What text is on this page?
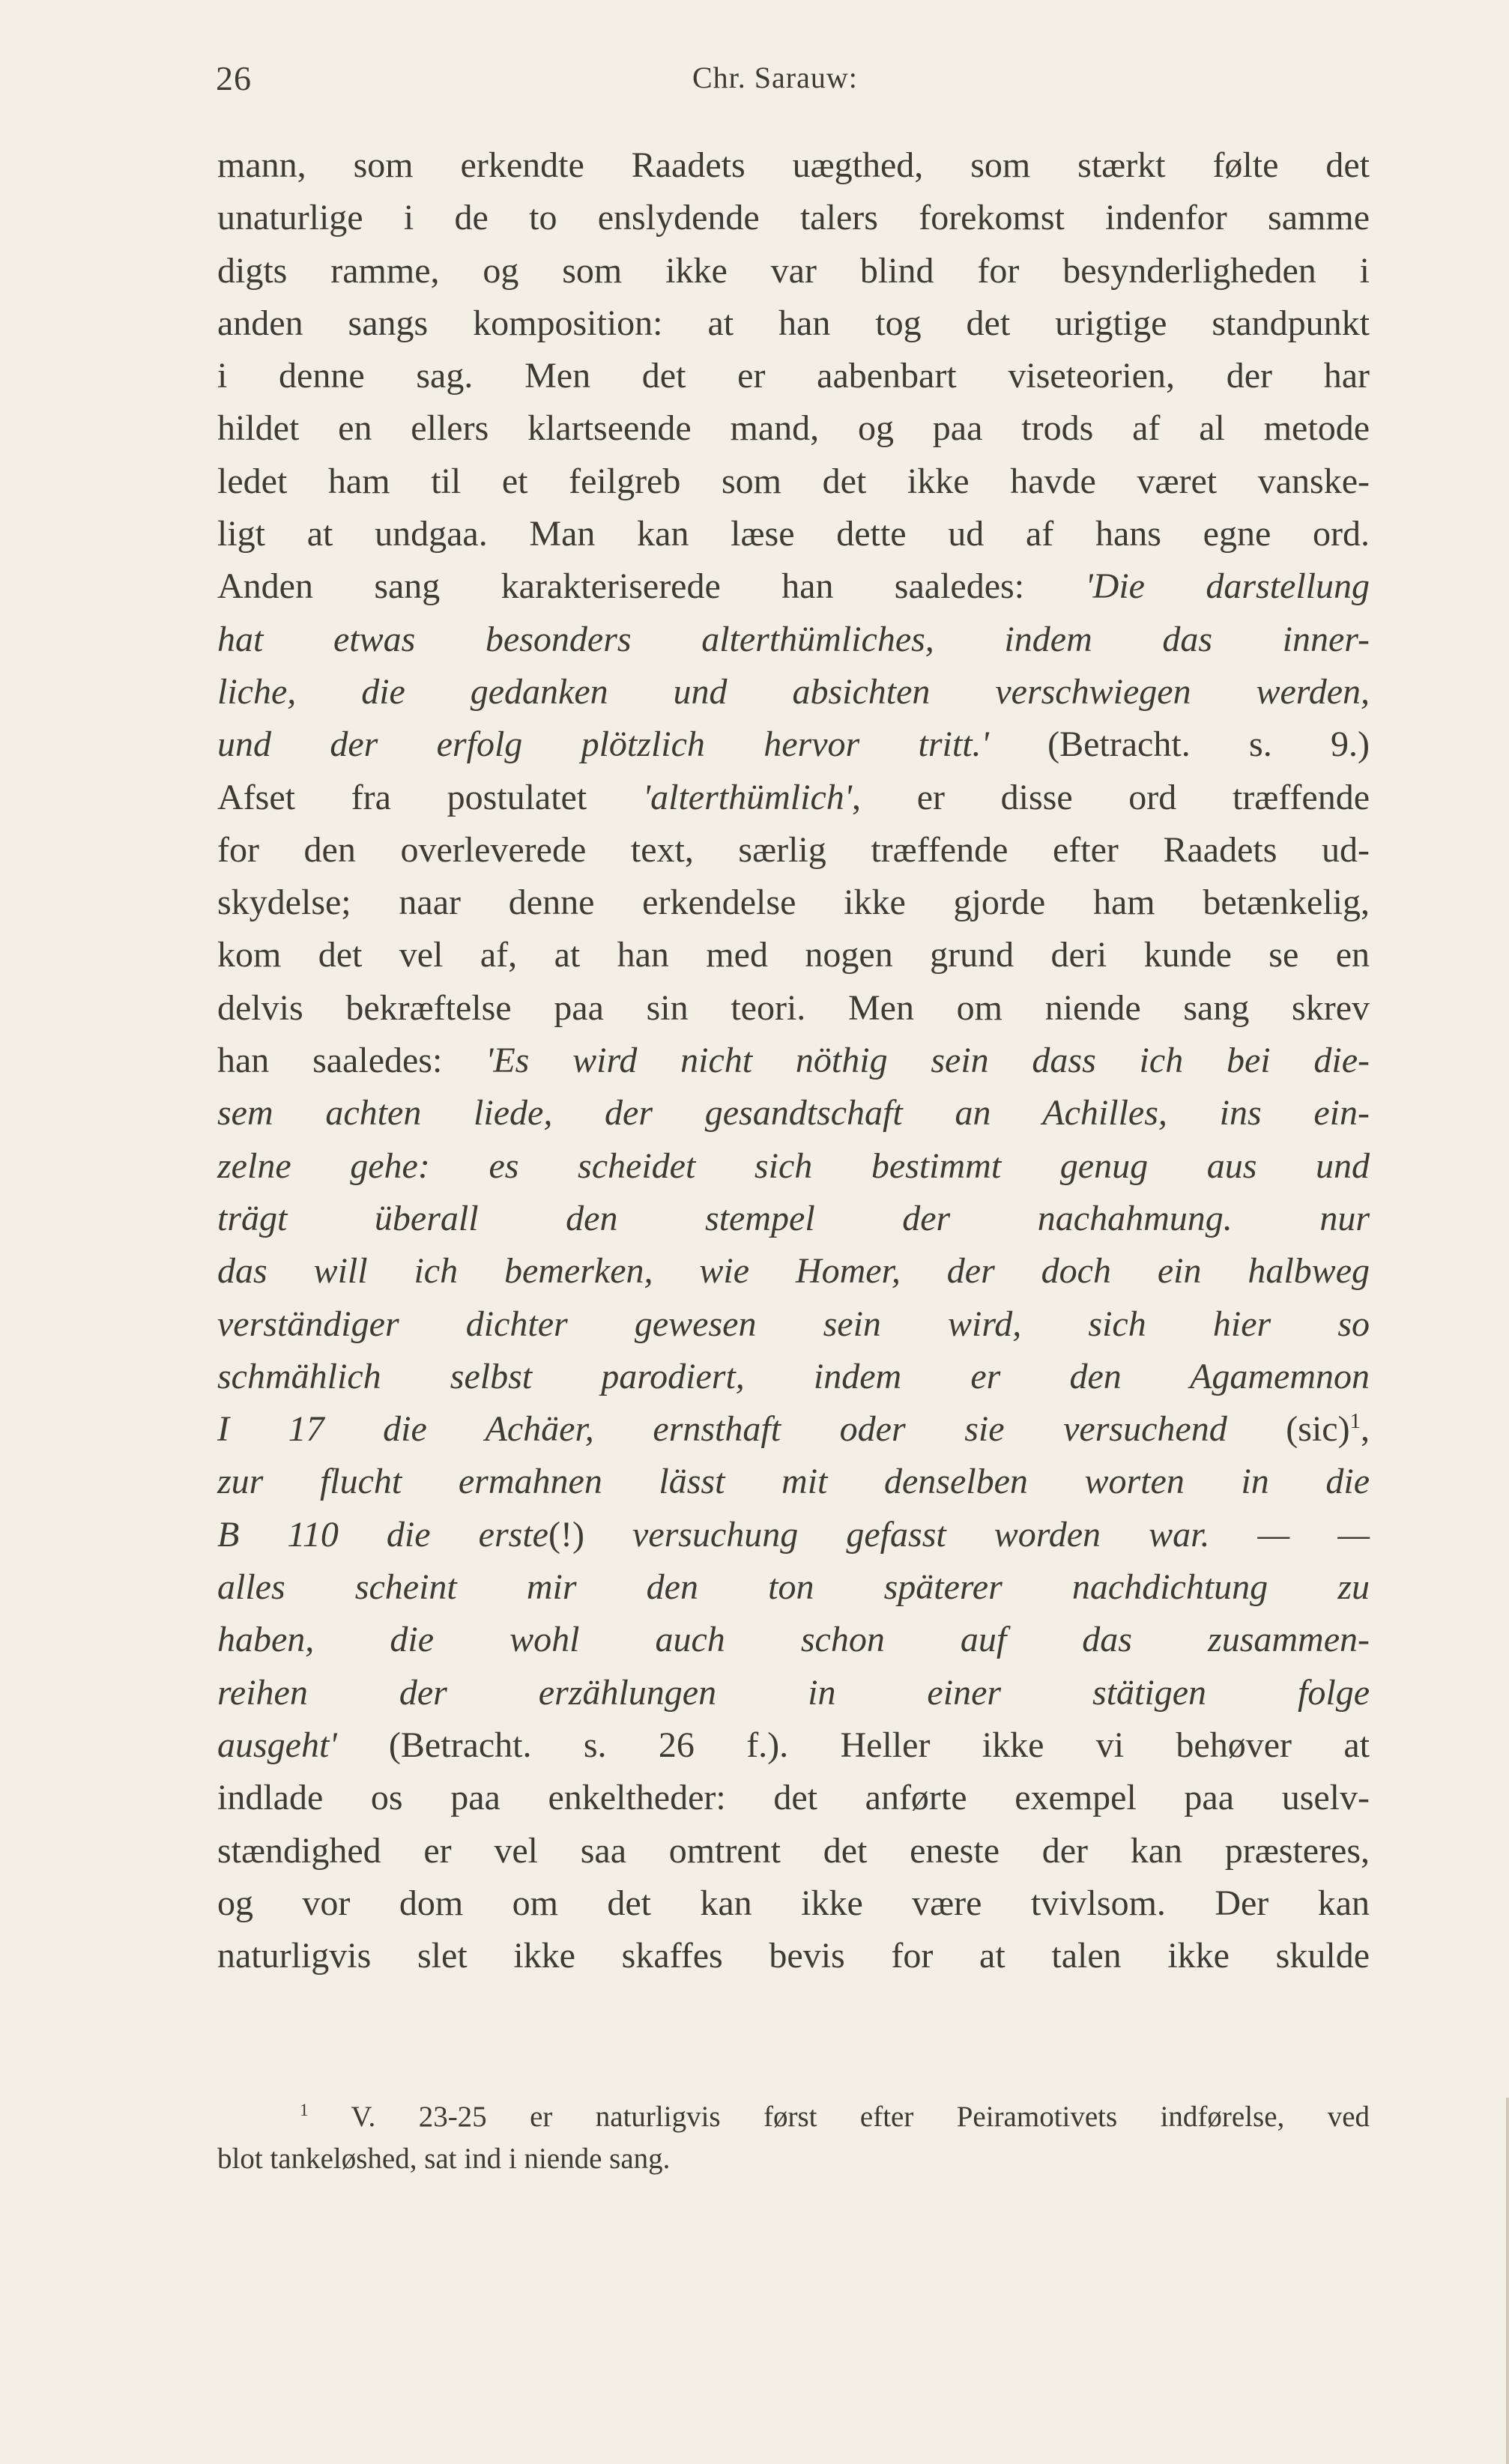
26	Chr. Sarauw:
mann, som erkendte Raadets uægthed, som stærkt følte det
unaturlige i de to enslydende talers forekomst indenfor samme
digts ramme, og som ikke var blind for besynderligheden i
anden sangs komposition: at han tog det urigtige standpunkt
i denne sag. Men det er aabenbart viseteorien, der har
hildet en ellers klartseende mand, og paa trods af al metode
ledet ham til et feilgreb som det ikke havde været vanske-
ligt at undgaa. Man kan læse dette ud af hans egne ord.
Anden sang karakteriserede han saaledes: 'Die darstellung
hat etwas besonders alterthümliches, indem das inner-
liche, die gedanken und absichten verschwiegen werden,
und der erfolg plötzlich hervor tritt.' (Betracht. s. 9.)
Afset fra postulatet 'alterthümlich', er disse ord træffende
for den overleverede text, særlig træffende efter Raadets ud-
skydelse; naar denne erkendelse ikke gjorde ham betænkelig,
kom det vel af, at han med nogen grund deri kunde se en
delvis bekræftelse paa sin teori. Men om niende sang skrev
han saaledes: 'Es wird nicht nöthig sein dass ich bei die-
sem achten liede, der gesandtschaft an Achilles, ins ein-
zelne gehe: es scheidet sich bestimmt genug aus und
trägt überall den stempel der nachahmung. nur
das will ich bemerken, wie Homer, der doch ein halbweg
verständiger dichter gewesen sein wird, sich hier so
schmählich selbst parodiert, indem er den Agamemnon
I 17 die Achäer, ernsthaft oder sie versuchend (sic)$^1$,
zur flucht ermahnen lässt mit denselben worten in die
B 110 die erste(!) versuchung gefasst worden war. — —
alles scheint mir den ton späterer nachdichtung zu
haben, die wohl auch schon auf das zusammen-
reihen der erzählungen in einer stätigen folge
ausgeht' (Betracht. s. 26 f.). Heller ikke vi behøver at
indlade os paa enkeltheder: det anførte exempel paa uselv-
stændighed er vel saa omtrent det eneste der kan præsteres,
og vor dom om det kan ikke være tvivlsom. Der kan
naturligvis slet ikke skaffes bevis for at talen ikke skulde
$^1$ V. 23-25 er naturligvis først efter Peiramotivets indførelse, ved
blot tankeløshed, sat ind i niende sang.
